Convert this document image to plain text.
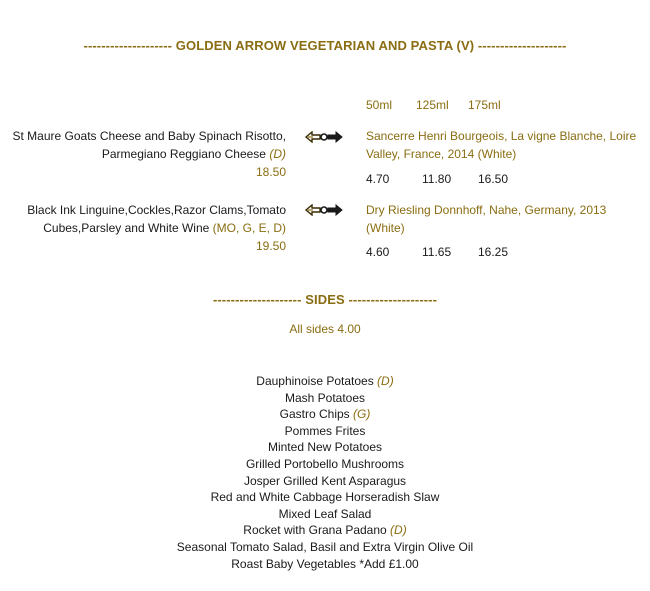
-------------------- GOLDEN ARROW VEGETARIAN AND PASTA (V) --------------------
50ml 125ml 175ml
St Maure Goats Cheese and Baby Spinach Risotto,
Parmegiano Reggiano Cheese (D)
18.50
Sancerre Henri Bourgeois, La vigne Blanche, Loire Valley, France, 2014 (White)
4.70	11.80 16.50
Black Ink Linguine,Cockles,Razor Clams,Tomato
Cubes,Parsley and White Wine (MO, G, E, D)
19.50
Dry Riesling Donnhoff, Nahe, Germany, 2013 (White)
4.60	11.65 16.25
-------------------- SIDES --------------------
All sides 4.00
Dauphinoise Potatoes (D)
Mash Potatoes
Gastro Chips (G)
Pommes Frites
Minted New Potatoes
Grilled Portobello Mushrooms
Josper Grilled Kent Asparagus
Red and White Cabbage Horseradish Slaw
Mixed Leaf Salad
Rocket with Grana Padano (D)
Seasonal Tomato Salad, Basil and Extra Virgin Olive Oil
Roast Baby Vegetables *Add £1.00
